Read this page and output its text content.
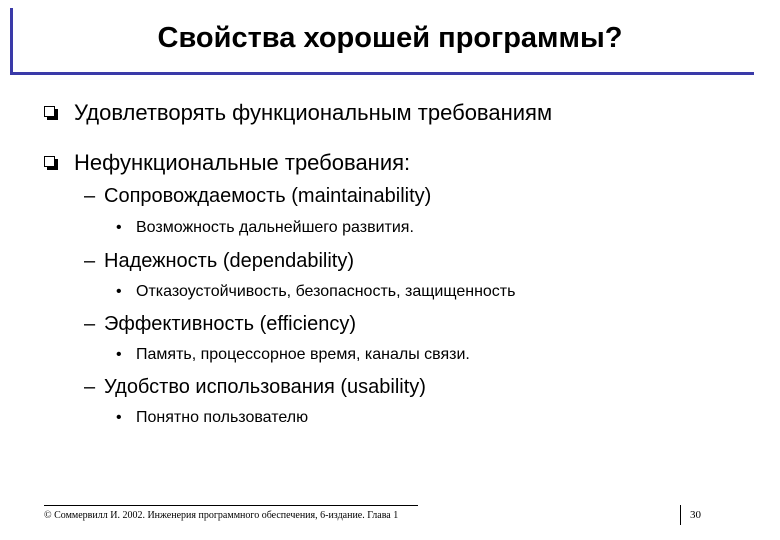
Свойства хорошей программы?
Удовлетворять функциональным требованиям
Нефункциональные требования:
– Сопровождаемость (maintainability)
• Возможность дальнейшего развития.
– Надежность (dependability)
• Отказоустойчивость, безопасность, защищенность
– Эффективность (efficiency)
• Память, процессорное время, каналы связи.
– Удобство использования (usability)
• Понятно пользователю
© Соммервилл И. 2002. Инженерия программного обеспечения, 6-издание. Глава 1	30
